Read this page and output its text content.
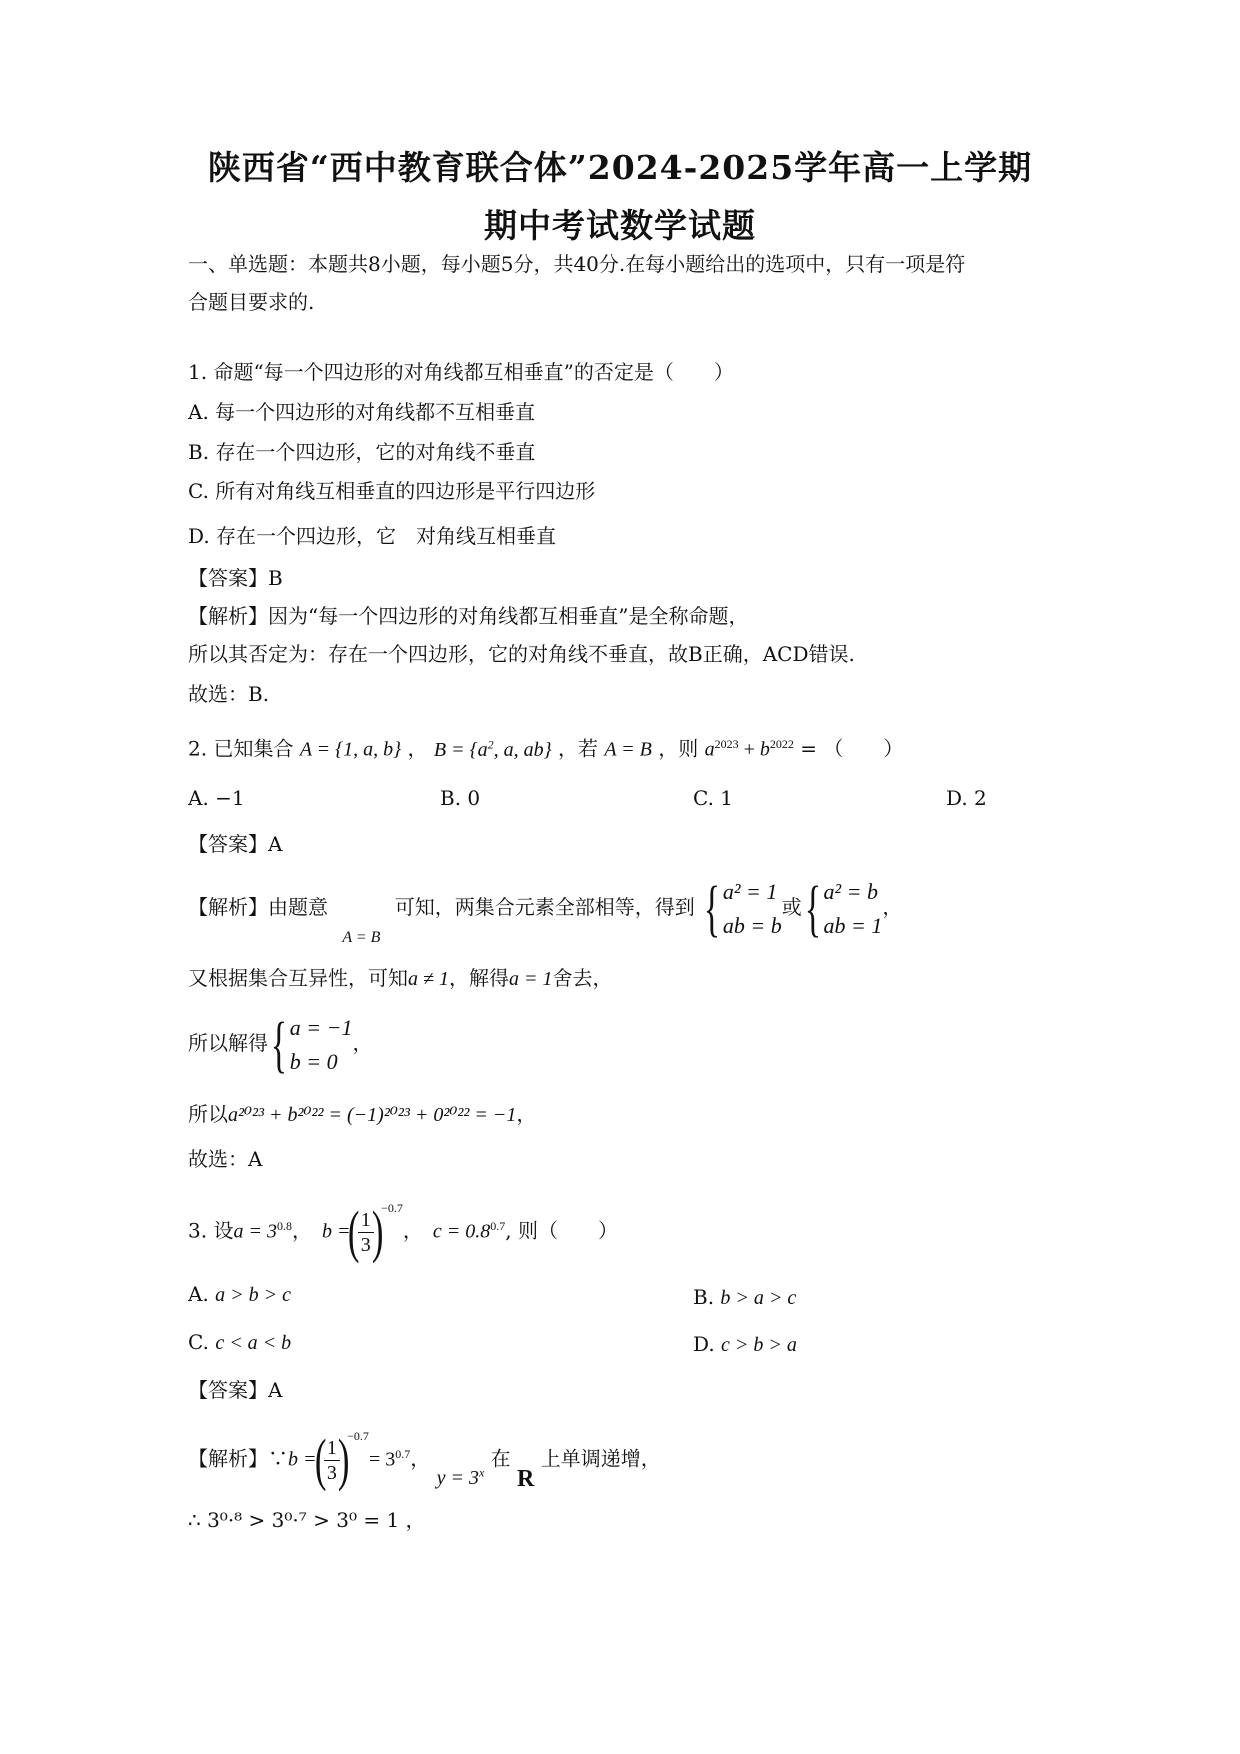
陕西省“西中教育联合体”2024-2025学年高一上学期
期中考试数学试题
一、单选题：本题共8小题，每小题5分，共40分.在每小题给出的选项中，只有一项是符
合题目要求的.
1. 命题“每一个四边形的对角线都互相垂直”的否定是（　　）
A. 每一个四边形的对角线都不互相垂直
B. 存在一个四边形，它的对角线不垂直
C. 所有对角线互相垂直的四边形是平行四边形
D. 存在一个四边形，它　对角线互相垂直
【答案】B
【解析】因为“每一个四边形的对角线都互相垂直”是全称命题，
所以其否定为：存在一个四边形，它的对角线不垂直，故B正确，ACD错误.
故选：B.
2. 已知集合 A = {1, a, b} ， $B = \{a^2$, a, ab} ，若 A = B ，则 $a^{2023} + b^{2022}$ = （　　）
A. −1	B. 0	C. 1	D. 2
【答案】A
【解析】由题意 $_{A = B}$ 可知，两集合元素全部相等，得到 { a² = 1
ab = b
或{ a² = b
ab = 1
，
又根据集合互异性，可知a ≠ 1，解得a = 1舍去，
所以解得{ a = −1
b = 0
，
所以a²⁰²³ + b²⁰²² = (−1)²⁰²³ + 0²⁰²² = −1，
故选：A
3. 设$a = 3^{0.8}$，　b =(
$\frac{1}{3}$
)$^{-0.7}$，　$c = 0.8^{0.7}$, 则（　　）
A. a > b > c	B. b > a > c
C. c < a < b	D. c > b > a
【答案】A
【解析】∵b =(
$\frac{1}{3}$
)$^{-0.7}= 3^{0.7}$， $y = 3^x$ 在 R 上单调递增，
∴ 3⁰·⁸ > 3⁰·⁷ > 3⁰ = 1 ，
